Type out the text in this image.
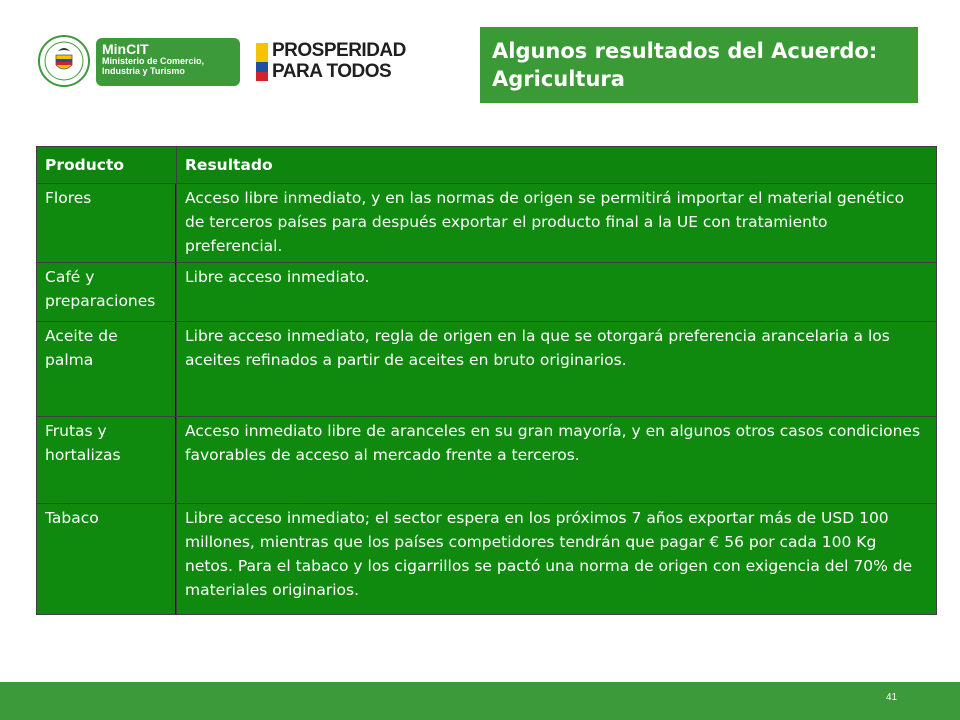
MinCIT
Ministerio de Comercio,
Industria y Turismo
PROSPERIDAD
PARA TODOS
Algunos resultados del Acuerdo:
Agricultura
Producto	Resultado
Flores	Acceso libre inmediato, y en las normas de origen se permitirá importar el material genético de terceros países para después exportar el producto final a la UE con tratamiento preferencial.
Café y preparaciones	Libre acceso inmediato.
Aceite de palma	Libre acceso inmediato, regla de origen en la que se otorgará preferencia arancelaria a los aceites refinados a partir de aceites en bruto originarios.
Frutas y hortalizas	Acceso inmediato libre de aranceles en su gran mayoría, y en algunos otros casos condiciones favorables de acceso al mercado frente a terceros.
Tabaco	Libre acceso inmediato; el sector espera en los próximos 7 años exportar más de USD 100 millones, mientras que los países competidores tendrán que pagar € 56 por cada 100 Kg netos. Para el tabaco y los cigarrillos se pactó una norma de origen con exigencia del 70% de materiales originarios.
41
